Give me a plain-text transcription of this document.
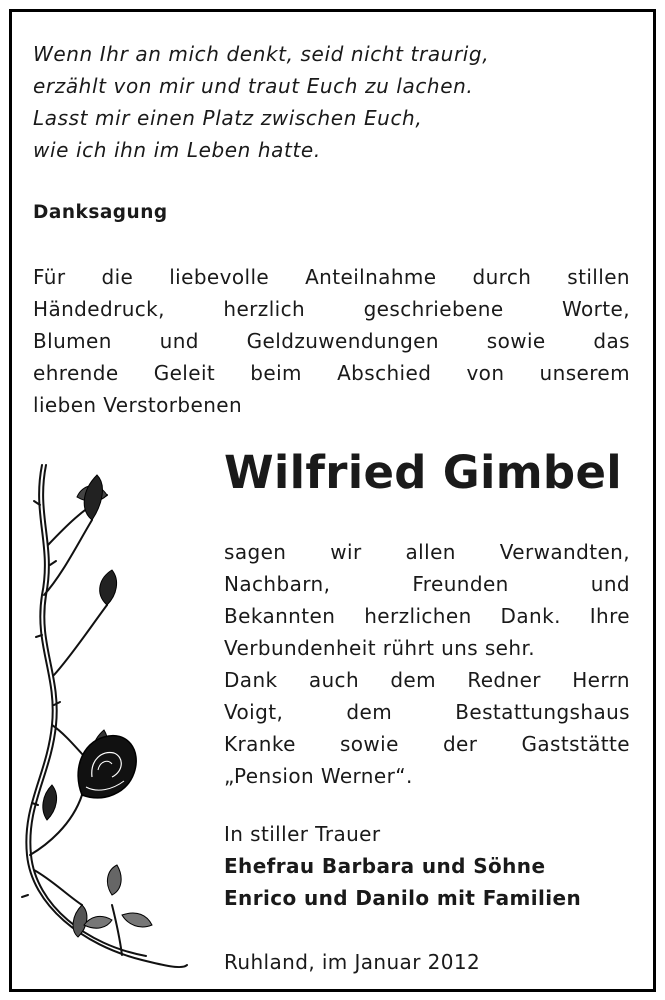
Wenn Ihr an mich denkt, seid nicht traurig,
erzählt von mir und traut Euch zu lachen.
Lasst mir einen Platz zwischen Euch,
wie ich ihn im Leben hatte.
Danksagung
Für die liebevolle Anteilnahme durch stillen
Händedruck, herzlich geschriebene Worte,
Blumen und Geldzuwendungen sowie das
ehrende Geleit beim Abschied von unserem
lieben Verstorbenen
Wilfried Gimbel
sagen wir allen Verwandten,
Nachbarn, Freunden und
Bekannten herzlichen Dank. Ihre
Verbundenheit rührt uns sehr.
Dank auch dem Redner Herrn
Voigt, dem Bestattungshaus
Kranke sowie der Gaststätte
„Pension Werner“.
In stiller Trauer
Ehefrau Barbara und Söhne
Enrico und Danilo mit Familien
Ruhland, im Januar 2012
